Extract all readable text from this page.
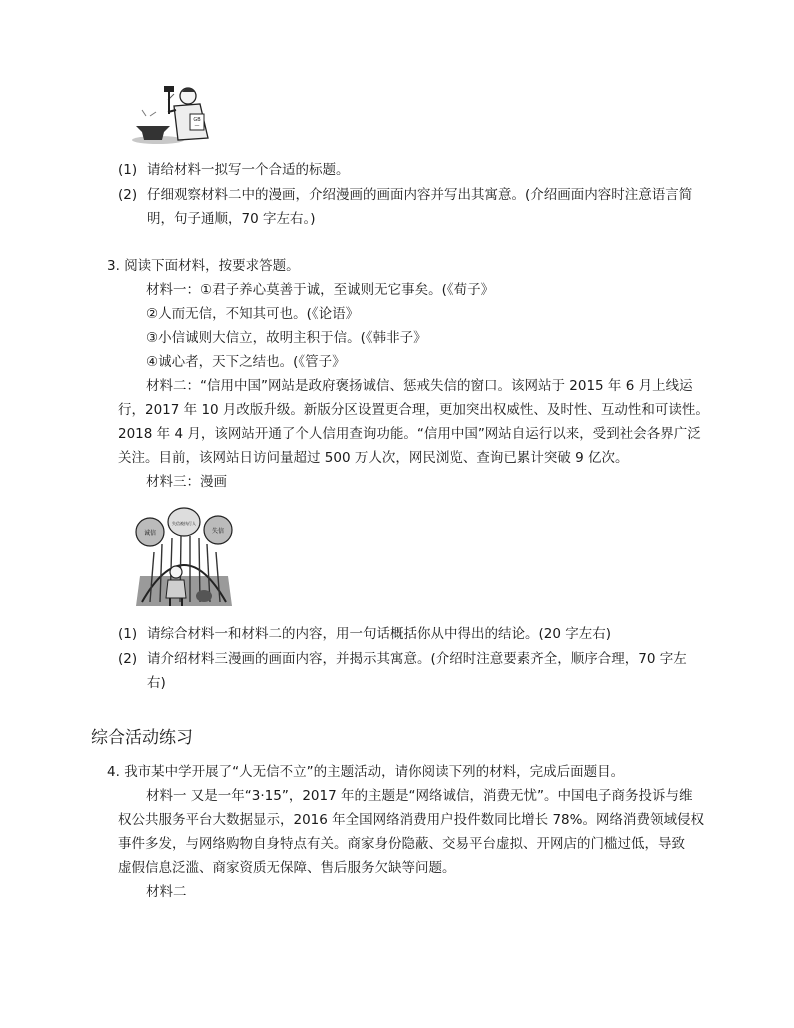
GB
—
(1) 请给材料一拟写一个合适的标题。
(2) 仔细观察材料二中的漫画，介绍漫画的画面内容并写出其寓意。(介绍画面内容时注意语言简
明，句子通顺，70 字左右。)
3. 阅读下面材料，按要求答题。
材料一：①君子养心莫善于诚，至诚则无它事矣。(《荀子》
②人而无信，不知其可也。(《论语》
③小信诚则大信立，故明主积于信。(《韩非子》
④诚心者，天下之结也。(《管子》
材料二：“信用中国”网站是政府褒扬诚信、惩戒失信的窗口。该网站于 2015 年 6 月上线运
行，2017 年 10 月改版升级。新版分区设置更合理，更加突出权威性、及时性、互动性和可读性。
2018 年 4 月，该网站开通了个人信用查询功能。“信用中国”网站自运行以来，受到社会各界广泛
关注。目前，该网站日访问量超过 500 万人次，网民浏览、查询已累计突破 9 亿次。
材料三：漫画
诚信
失信被执行人
失信
(1) 请综合材料一和材料二的内容，用一句话概括你从中得出的结论。(20 字左右)
(2) 请介绍材料三漫画的画面内容，并揭示其寓意。(介绍时注意要素齐全，顺序合理，70 字左
右)
综合活动练习
4. 我市某中学开展了“人无信不立”的主题活动，请你阅读下列的材料，完成后面题目。
材料一 又是一年“3·15”，2017 年的主题是“网络诚信，消费无忧”。中国电子商务投诉与维
权公共服务平台大数据显示，2016 年全国网络消费用户投件数同比增长 78%。网络消费领域侵权
事件多发，与网络购物自身特点有关。商家身份隐蔽、交易平台虚拟、开网店的门槛过低，导致
虚假信息泛滥、商家资质无保障、售后服务欠缺等问题。
材料二
